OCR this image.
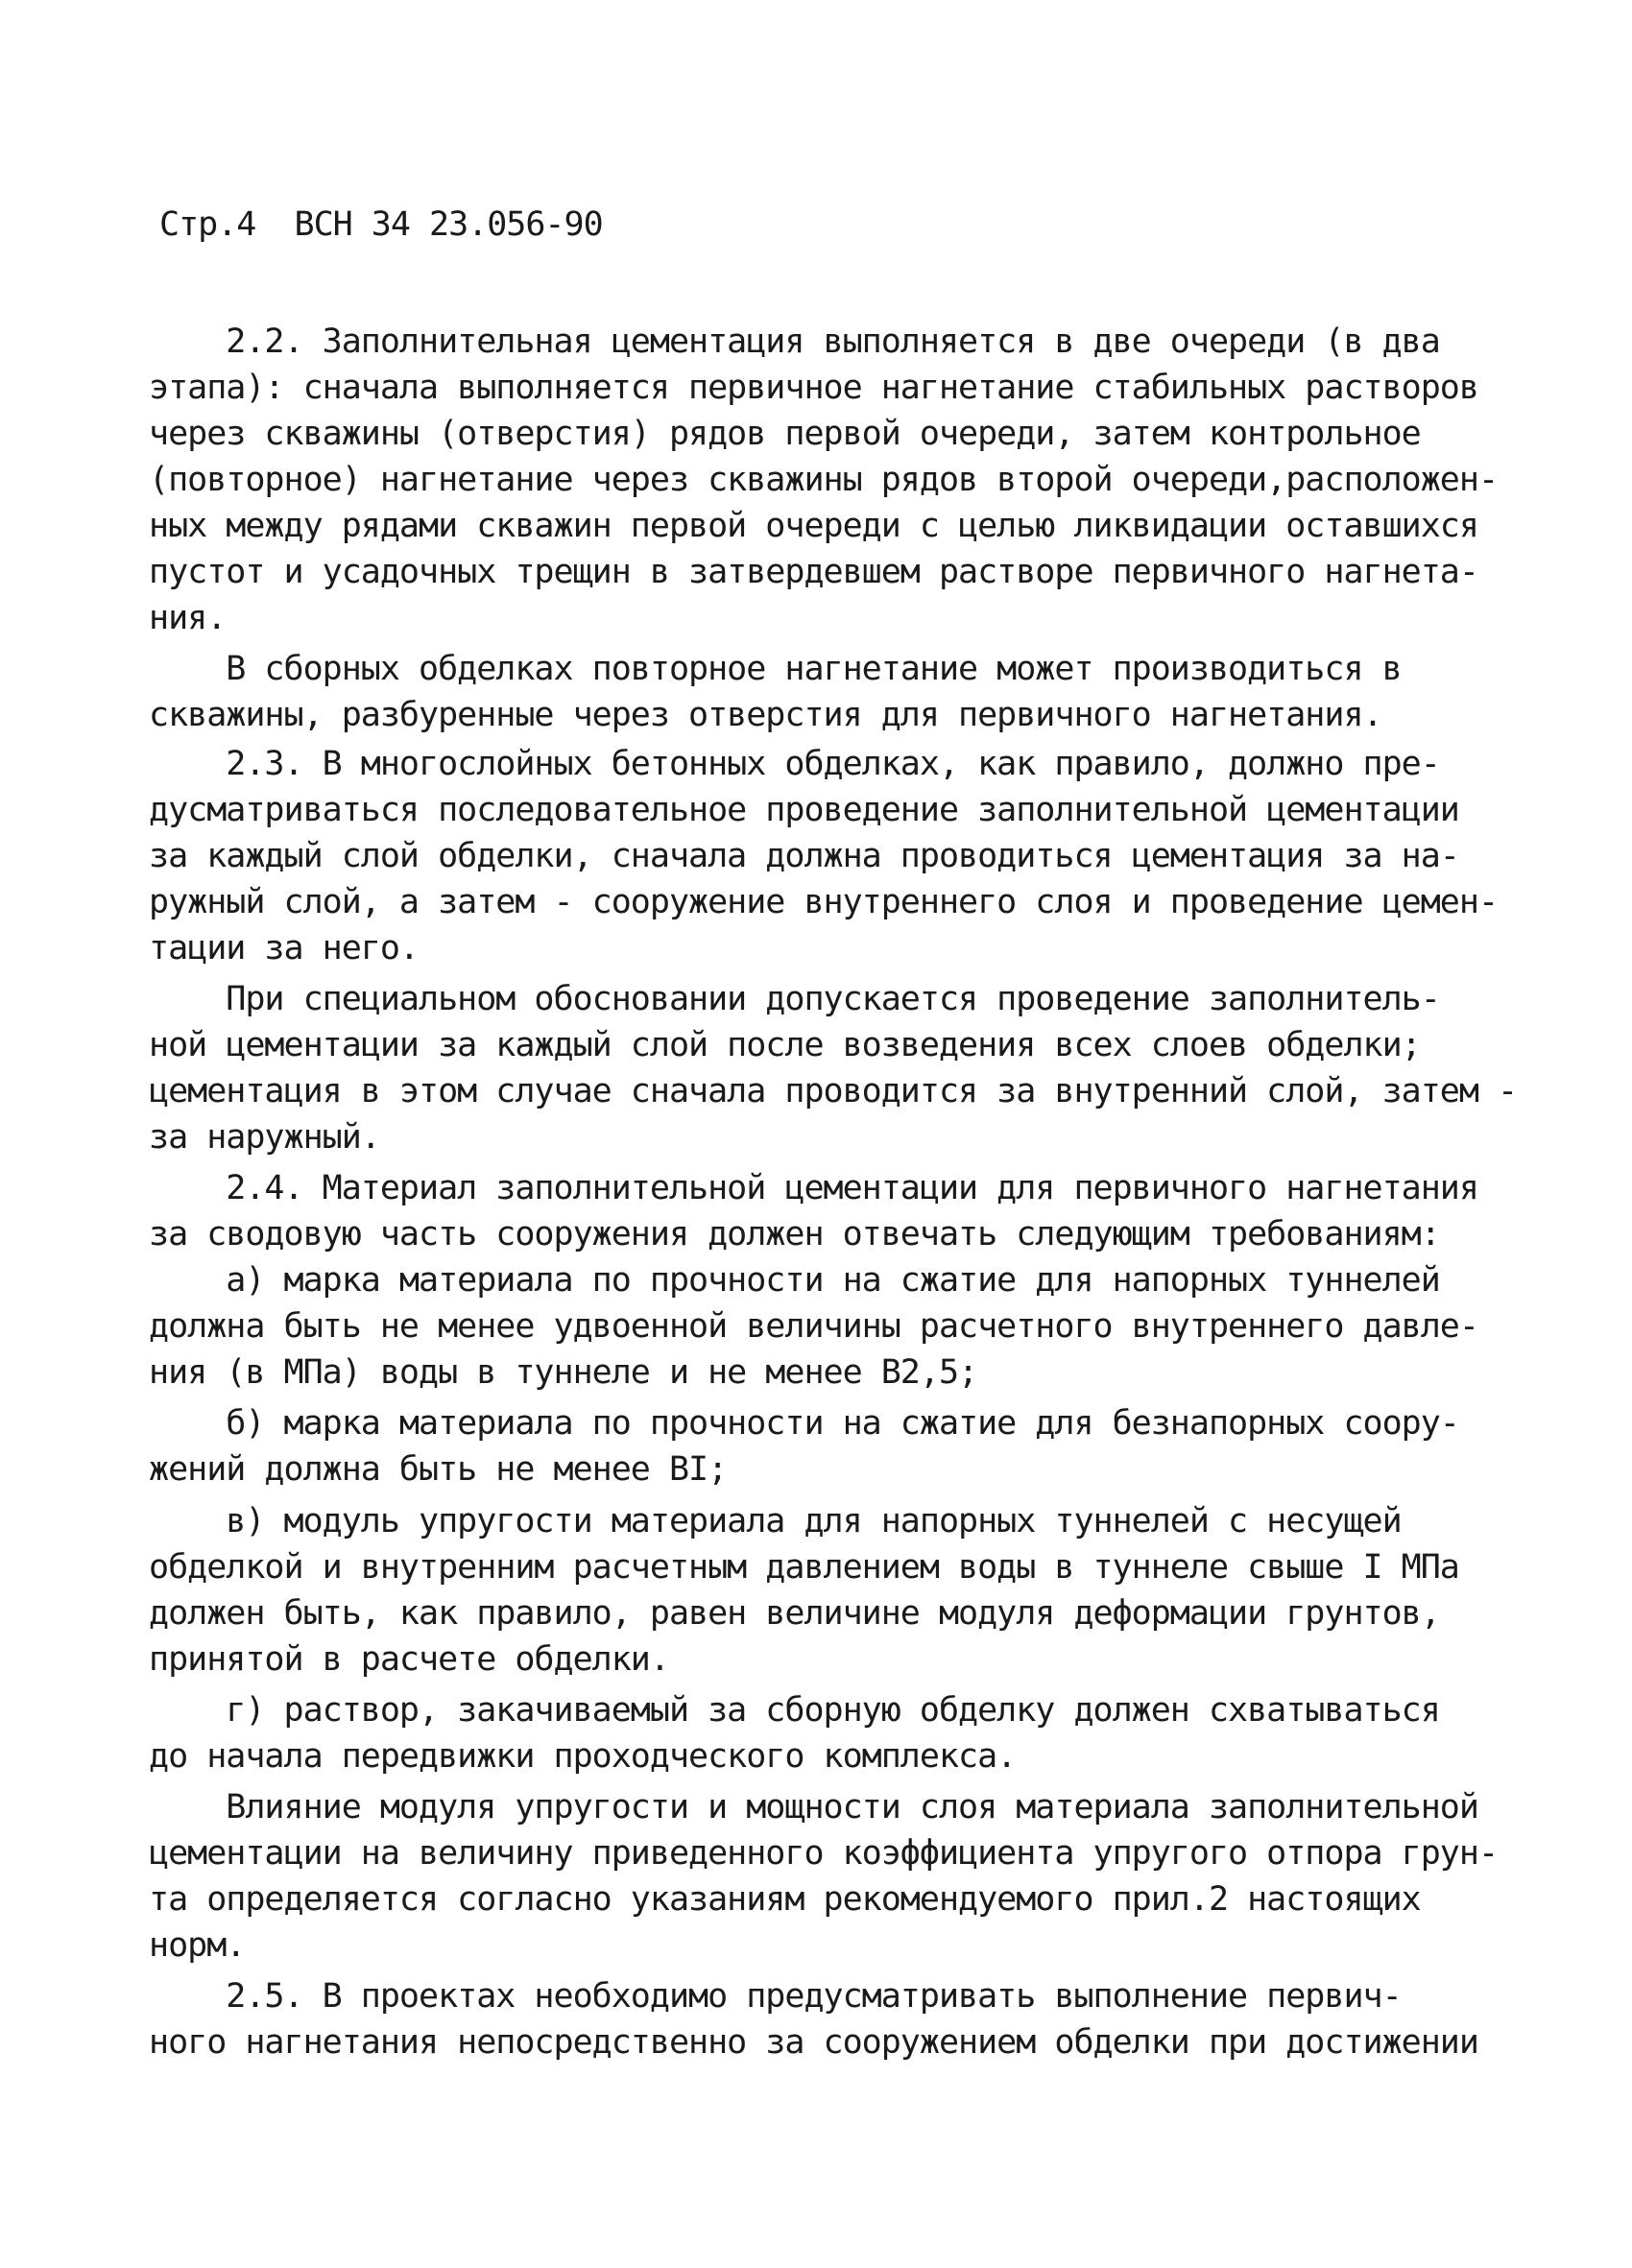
Стр.4  ВСН 34 23.056-90
2.2. Заполнительная цементация выполняется в две очереди (в два
этапа): сначала выполняется первичное нагнетание стабильных растворов
через скважины (отверстия) рядов первой очереди, затем контрольное
(повторное) нагнетание через скважины рядов второй очереди,расположен-
ных между рядами скважин первой очереди с целью ликвидации оставшихся
пустот и усадочных трещин в затвердевшем растворе первичного нагнета-
ния.
В сборных обделках повторное нагнетание может производиться в
скважины, разбуренные через отверстия для первичного нагнетания.
2.3. В многослойных бетонных обделках, как правило, должно пре-
дусматриваться последовательное проведение заполнительной цементации
за каждый слой обделки, сначала должна проводиться цементация за на-
ружный слой, а затем - сооружение внутреннего слоя и проведение цемен-
тации за него.
При специальном обосновании допускается проведение заполнитель-
ной цементации за каждый слой после возведения всех слоев обделки;
цементация в этом случае сначала проводится за внутренний слой, затем -
за наружный.
2.4. Материал заполнительной цементации для первичного нагнетания
за сводовую часть сооружения должен отвечать следующим требованиям:
а) марка материала по прочности на сжатие для напорных туннелей
должна быть не менее удвоенной величины расчетного внутреннего давле-
ния (в МПа) воды в туннеле и не менее В2,5;
б) марка материала по прочности на сжатие для безнапорных соору-
жений должна быть не менее ВI;
в) модуль упругости материала для напорных туннелей с несущей
обделкой и внутренним расчетным давлением воды в туннеле свыше I МПа
должен быть, как правило, равен величине модуля деформации грунтов,
принятой в расчете обделки.
г) раствор, закачиваемый за сборную обделку должен схватываться
до начала передвижки проходческого комплекса.
Влияние модуля упругости и мощности слоя материала заполнительной
цементации на величину приведенного коэффициента упругого отпора грун-
та определяется согласно указаниям рекомендуемого прил.2 настоящих
норм.
2.5. В проектах необходимо предусматривать выполнение первич-
ного нагнетания непосредственно за сооружением обделки при достижении
